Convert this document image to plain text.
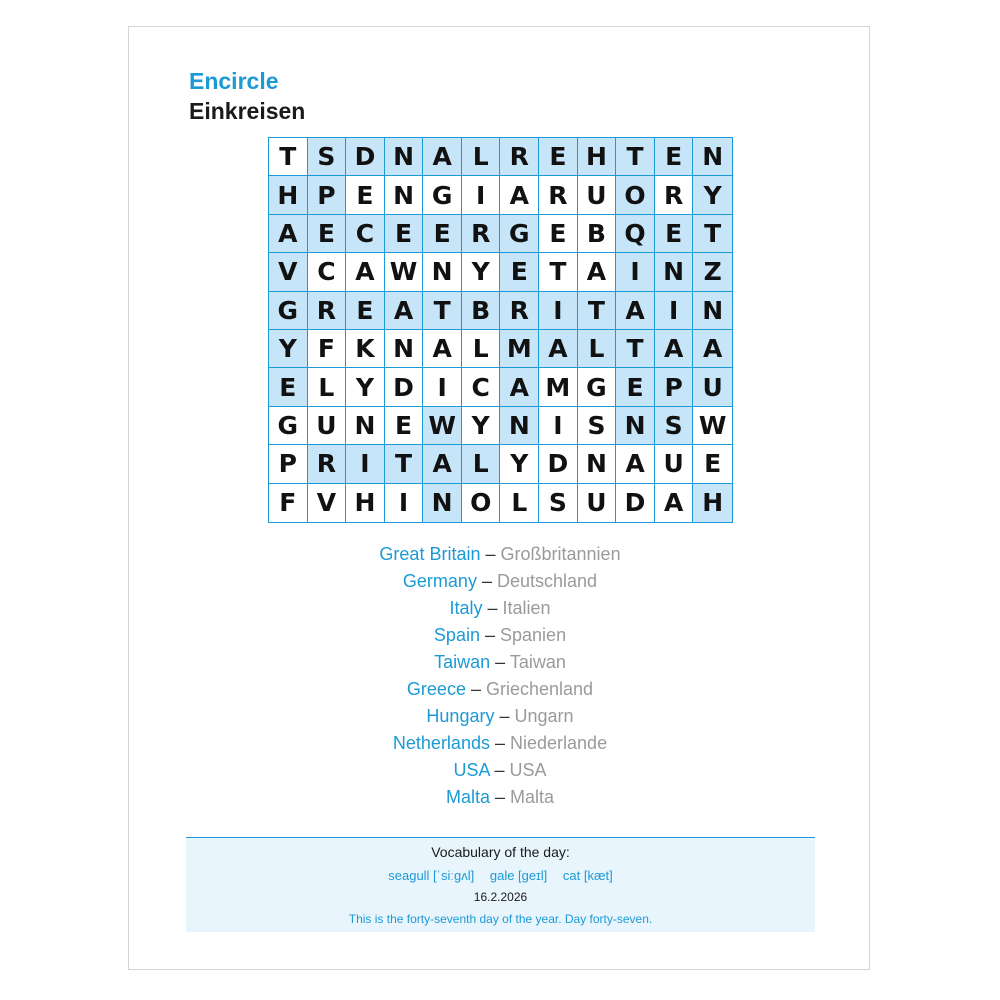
Encircle
Einkreisen
T S D N A L R E H T E N
H P E N G I A R U O R Y
A E C E E R G E B Q E T
V C A W N Y E T A I N Z
G R E A T B R I	T A I N
Y F K N A L M A L T A A
E L Y D I C A M G E P U
G U N E W Y N I S N S W
P R I	T A L Y D N A U E
F V H I N O L S U D A H
Great Britain – Großbritannien
Germany – Deutschland
Italy – Italien
Spain – Spanien
Taiwan – Taiwan
Greece – Griechenland
Hungary – Ungarn
Netherlands – Niederlande
USA – USA
Malta – Malta
Vocabulary of the day:
seagull [ˈsiːɡʌl] gale [ɡeɪl] cat [kæt]
16.2.2026
This is the forty-seventh day of the year. Day forty-seven.
